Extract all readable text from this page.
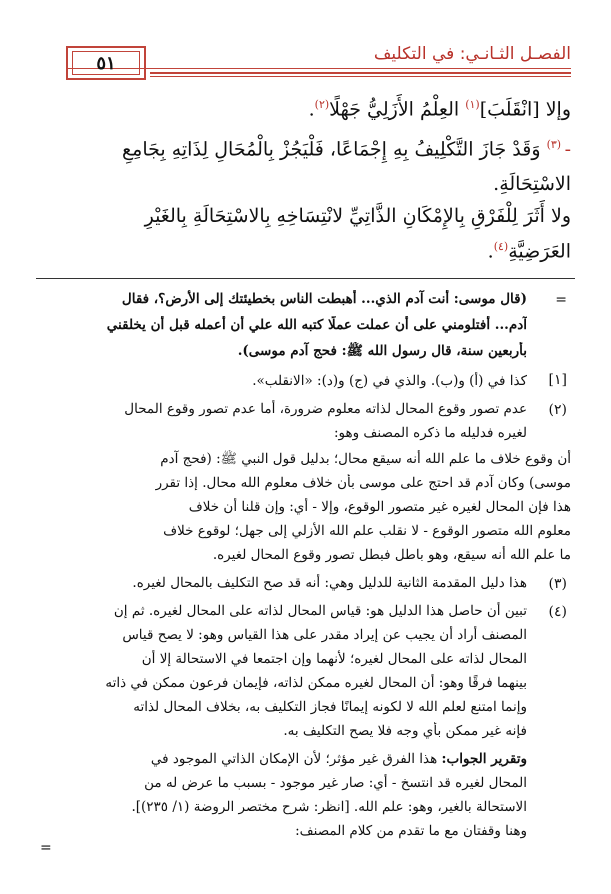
الفصـل الثـانـي: في التكليف
٥١
وإلا [انْقَلَبَ]$^{(١)}$ العِلْمُ الأَزَلِيُّ جَهْلًا$^{(٢)}$.
- $^{(٣)}$ وَقَدْ جَازَ التَّكْلِيفُ بِهِ إِجْمَاعًا، فَلْيَجُزْ بِالْمُحَالِ لِذَاتِهِ بِجَامِعِ
الاسْتِحَالَةِ.
ولا أَثَرَ لِلْفَرْقِ بِالإِمْكَانِ الذَّاتِيِّ لانْتِسَاخِهِ بِالاسْتِحَالَةِ بِالغَيْرِ
العَرَضِيَّةِ$^{(٤)}$.
=
(قال موسى: أنت آدم الذي... أهبطت الناس بخطيئتك إلى الأرض؟، فقال
آدم... أفتلومني على أن عملت عملًا كتبه الله علي أن أعمله قبل أن يخلقني
بأربعين سنة، قال رسول الله ﷺ: فحج آدم موسى).
[١]
كذا في (أ) و(ب). والذي في (ج) و(د): «الانقلب».
(٢)
عدم تصور وقوع المحال لذاته معلوم ضرورة، أما عدم تصور وقوع المحال
لغيره فدليله ما ذكره المصنف وهو:
أن وقوع خلاف ما علم الله أنه سيقع محال؛ بدليل قول النبي ﷺ: (فحج آدم
موسى) وكان آدم قد احتج على موسى بأن خلاف معلوم الله محال. إذا تقرر
هذا فإن المحال لغيره غير متصور الوقوع، وإلا - أي: وإن قلنا أن خلاف
معلوم الله متصور الوقوع - لا نقلب علم الله الأزلي إلى جهل؛ لوقوع خلاف
ما علم الله أنه سيقع، وهو باطل فبطل تصور وقوع المحال لغيره.
(٣)
هذا دليل المقدمة الثانية للدليل وهي: أنه قد صح التكليف بالمحال لغيره.
(٤)
تبين أن حاصل هذا الدليل هو: قياس المحال لذاته على المحال لغيره. ثم إن
المصنف أراد أن يجيب عن إيراد مقدر على هذا القياس وهو: لا يصح قياس
المحال لذاته على المحال لغيره؛ لأنهما وإن اجتمعا في الاستحالة إلا أن
بينهما فرقًا وهو: أن المحال لغيره ممكن لذاته، فإيمان فرعون ممكن في ذاته
وإنما امتنع لعلم الله لا لكونه إيمانًا فجاز التكليف به، بخلاف المحال لذاته
فإنه غير ممكن بأي وجه فلا يصح التكليف به.
وتقرير الجواب: هذا الفرق غير مؤثر؛ لأن الإمكان الذاتي الموجود في
المحال لغيره قد انتسخ - أي: صار غير موجود - بسبب ما عرض له من
الاستحالة بالغير، وهو: علم الله. [انظر: شرح مختصر الروضة (١/ ٢٣٥)].
وهنا وقفتان مع ما تقدم من كلام المصنف:
=
